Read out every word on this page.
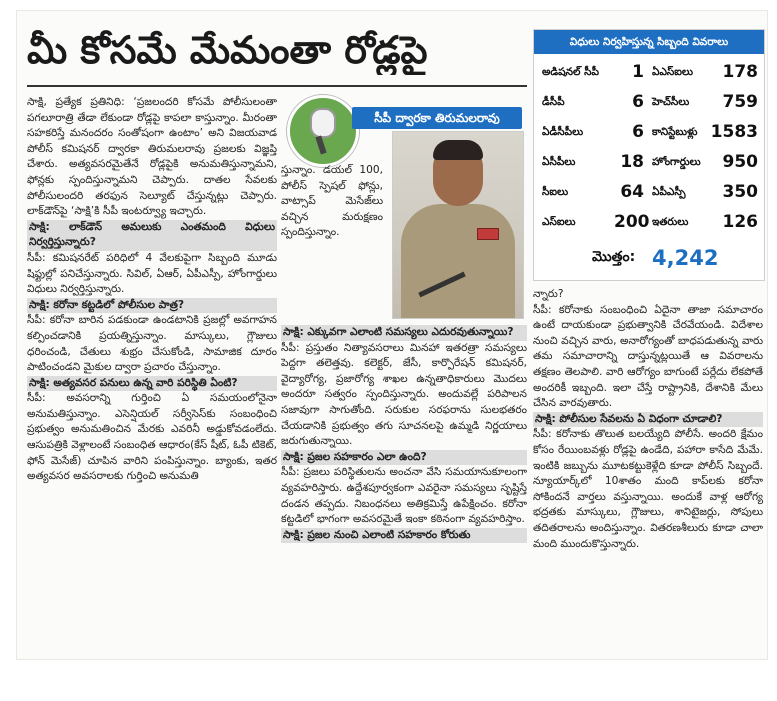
మీ కోసమే మేమంతా రోడ్లపై

సాక్షి, ప్రత్యేక ప్రతినిధి: ‘ప్రజలందరి కోసమే పోలీసులంతా పగలూరాత్రి తేడా లేకుండా రోడ్లపై కాపలా కాస్తున్నాం. మీరంతా సహకరిస్తే మనందరం సంతోషంగా ఉంటాం’ అని విజయవాడ పోలీస్‌ కమిషనర్‌ ద్వారకా తిరుమలరావు ప్రజలకు విజ్ఞప్తి చేశారు. అత్యవసరమైతేనే రోడ్లపైకి అనుమతిస్తున్నామని, ఫోన్లకు స్పందిస్తున్నామని చెప్పారు. దాతల సేవలకు పోలీసులందరి తరఫున సెల్యూట్‌ చేస్తున్నట్లు చెప్పారు. లాక్‌డౌన్‌పై ‘సాక్షి’కి సీపీ ఇంటర్వ్యూ ఇచ్చారు.

సాక్షి: లాక్‌డౌన్‌ అమలుకు ఎంతమంది విధులు నిర్వర్తిస్తున్నారు?

సీపీ: కమిషనరేట్‌ పరిధిలో 4 వేలకుపైగా సిబ్బంది మూడు షిఫ్టుల్లో పనిచేస్తున్నారు. సివిల్‌, ఏఆర్‌, ఏపీఎస్పీ, హోంగార్డులు విధులు నిర్వర్తిస్తున్నారు.

సాక్షి: కరోనా కట్టడిలో పోలీసుల పాత్ర?

సీపీ: కరోనా బారిన పడకుండా ఉండటానికి ప్రజల్లో అవగాహన కల్పించడానికి ప్రయత్నిస్తున్నాం. మాస్కులు, గ్లౌజులు ధరించండి, చేతులు శుభ్రం చేసుకోండి, సామాజిక దూరం పాటించండని మైకుల ద్వారా ప్రచారం చేస్తున్నాం.

సాక్షి: అత్యవసర పనులు ఉన్న వారి పరిస్థితి ఏంటి?

సీపీ: అవసరాన్ని గుర్తించి ఏ సమయంలోనైనా అనుమతిస్తున్నాం. ఎసెన్షియల్‌ సర్వీసెస్‌కు సంబంధించి ప్రభుత్వం అనుమతించిన మేరకు ఎవరినీ అడ్డుకోవడంలేదు. ఆసుపత్రికి వెళ్లాలంటే సంబంధిత ఆధారం(కేస్‌ షీట్‌, ఓపీ టికెట్‌, ఫోన్‌ మెసేజ్‌) చూపిన వారిని పంపిస్తున్నాం. బ్యాంకు, ఇతర అత్యవసర అవసరాలకు గుర్తించి అనుమతి

సీపీ ద్వారకా తిరుమలరావు

స్తున్నాం. డయల్‌ 100, పోలీస్‌ స్పెషల్‌ ఫోన్లు, వాట్సాప్‌ మెసేజ్‌లు వచ్చిన మరుక్షణం స్పందిస్తున్నాం.

సాక్షి: ఎక్కువగా ఎలాంటి సమస్యలు ఎదురవుతున్నాయి?

సీపీ: ప్రస్తుతం నిత్యావసరాలు మినహా ఇతరత్రా సమస్యలు పెద్దగా తలెత్తవు. కలెక్టర్‌, జేసీ, కార్పొరేషన్‌ కమిషనర్‌, వైద్యారోగ్య, ప్రజారోగ్య శాఖల ఉన్నతాధికారులు మొదలు అందరూ సత్వరం స్పందిస్తున్నారు. అందువల్లే పరిపాలన సజావుగా సాగుతోంది. సరుకుల సరఫరాను సులభతరం చేయడానికి ప్రభుత్వం తగు సూచనలపై ఉమ్మడి నిర్ణయాలు జరుగుతున్నాయి.

సాక్షి: ప్రజల సహకారం ఎలా ఉంది?

సీపీ: ప్రజలు పరిస్థితులను అంచనా వేసి సమయానుకూలంగా వ్యవహరిస్తారు. ఉద్దేశపూర్వకంగా ఎవరైనా సమస్యలు సృష్టిస్తే దండన తప్పదు. నిబంధనలు అతిక్రమిస్తే ఉపేక్షించం. కరోనా కట్టడిలో భాగంగా అవసరమైతే ఇంకా కఠినంగా వ్యవహరిస్తాం.

సాక్షి: ప్రజల నుంచి ఎలాంటి సహకారం కోరుతు

విధులు నిర్వహిస్తున్న సిబ్బంది వివరాలు
అడిషనల్ సీపీ	1 ఏఎస్‌ఐలు	178
డీసీపీ	6 హెచ్‌సీలు	759
ఏడీసీపీలు	6 కానిస్టేబుళ్లు 1583
ఏసీపీలు	18 హోంగార్డులు	950
సీఐలు	64 ఏపీఎస్పీ	350
ఎస్‌ఐలు	200 ఇతరులు	126
మొత్తం: 4,242

న్నారు?

సీపీ: కరోనాకు సంబంధించి ఏదైనా తాజా సమాచారం ఉంటే దాయకుండా ప్రభుత్వానికి చేరవేయండి. విదేశాల నుంచి వచ్చిన వారు, అనారోగ్యంతో బాధపడుతున్న వారు తమ సమాచారాన్ని దాస్తున్నట్లయితే ఆ వివరాలను తక్షణం తెలపాలి. వారి ఆరోగ్యం బాగుంటే పర్లేదు లేకపోతే అందరికీ ఇబ్బంది. ఇలా చేస్తే రాష్ట్రానికి, దేశానికి మేలు చేసిన వారవుతారు.

సాక్షి: పోలీసుల సేవలను ఏ విధంగా చూడాలి?

సీపీ: కరోనాకు తొలుత బలయ్యేది పోలీసే. అందరి క్షేమం కోసం రేయింబవళ్లు రోడ్లపై ఉండేది, పహారా కాసేది మేమే. ఇంటికి జబ్బును మూటకట్టుకెళ్లేది కూడా పోలీస్‌ సిబ్బందే. న్యూయార్క్‌లో 10శాతం మంది కాప్‌లకు కరోనా సోకిందనే వార్తలు వస్తున్నాయి. అందుకే వాళ్ల ఆరోగ్య భద్రతకు మాస్కులు, గ్లౌజులు, శానిటైజర్లు, సోపులు తదితరాలను అందిస్తున్నాం. వితరణశీలురు కూడా చాలా మంది ముందుకొస్తున్నారు.
